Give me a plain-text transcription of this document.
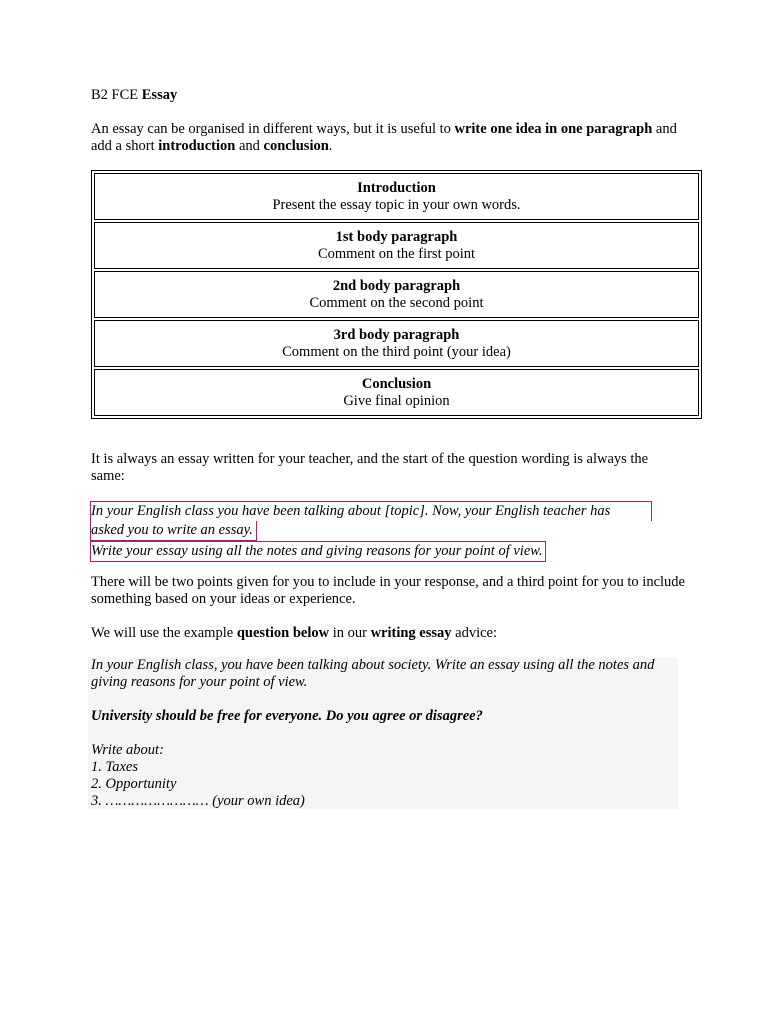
B2 FCE Essay

An essay can be organised in different ways, but it is useful to write one idea in one paragraph and add a short introduction and conclusion.

Introduction
Present the essay topic in your own words.
1st body paragraph
Comment on the first point
2nd body paragraph
Comment on the second point
3rd body paragraph
Comment on the third point (your idea)
Conclusion
Give final opinion

It is always an essay written for your teacher, and the start of the question wording is always the same:

In your English class you have been talking about [topic]. Now, your English teacher has
asked you to write an essay.
Write your essay using all the notes and giving reasons for your point of view.

There will be two points given for you to include in your response, and a third point for you to include something based on your ideas or experience.

We will use the example question below in our writing essay advice:

In your English class, you have been talking about society. Write an essay using all the notes and giving reasons for your point of view.

University should be free for everyone. Do you agree or disagree?

Write about:

1. Taxes

2. Opportunity

3. …………………… (your own idea)
